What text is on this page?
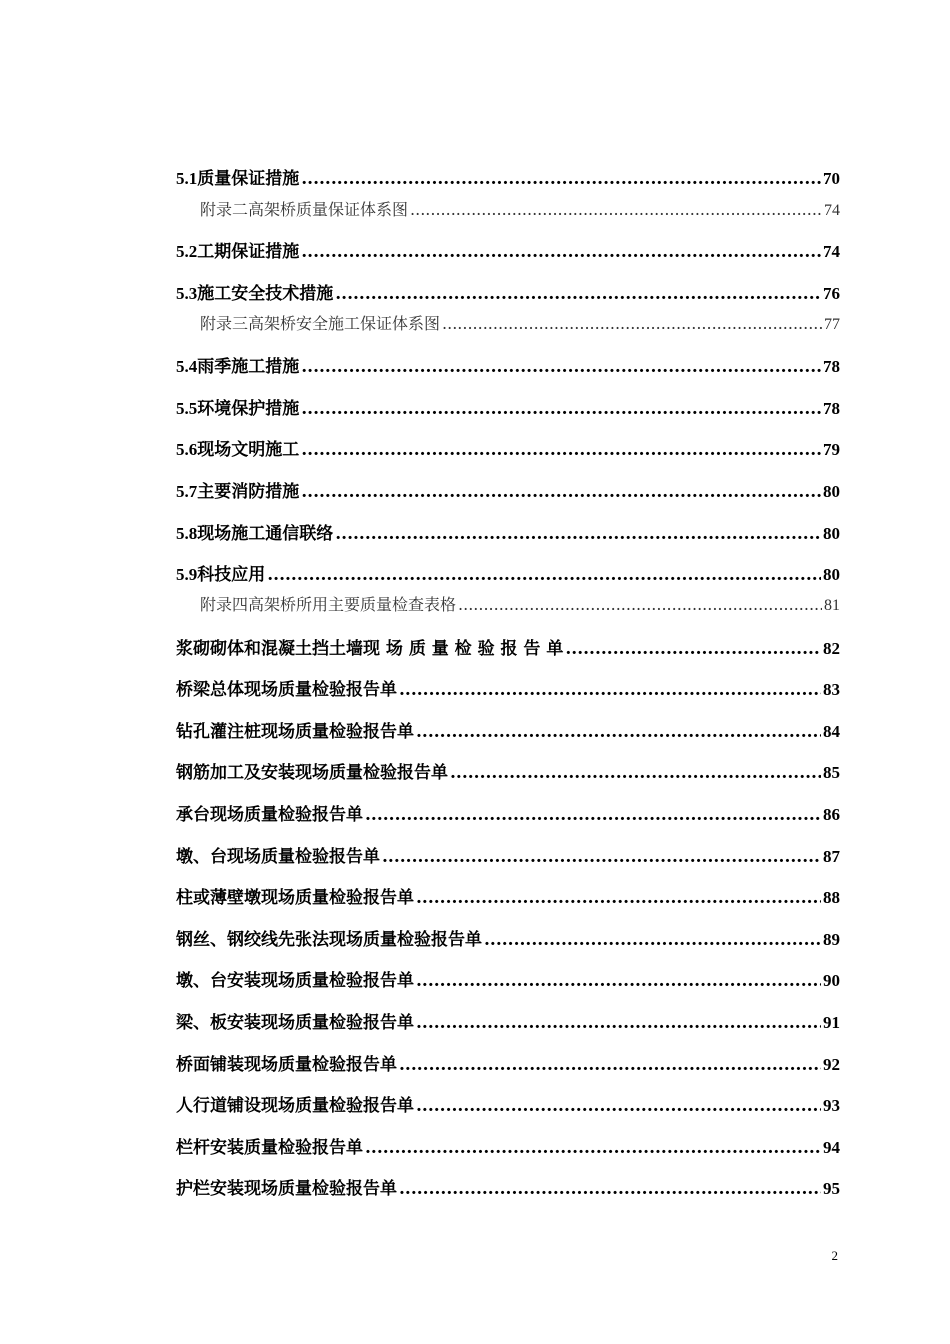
5.1 质量保证措施 .....	70
附录二 高架桥质量保证体系图 .....	74
5.2 工期保证措施 .....	74
5.3 施工安全技术措施 .....	76
附录三 高架桥安全施工保证体系图 .....	77
5.4 雨季施工措施 .....	78
5.5 环境保护措施 .....	78
5.6 现场文明施工 .....	79
5.7 主要消防措施 .....	80
5.8 现场施工通信联络 .....	80
5.9 科技应用 .....	80
附录四 高架桥所用主要质量检查表格 .....	81
浆砌砌体和混凝土挡土墙现 场 质 量 检 验 报 告 单 .....	82
桥梁总体现场质量检验报告单 .....	83
钻孔灌注桩现场质量检验报告单 .....	84
钢筋加工及安装现场质量检验报告单 .....	85
承台现场质量检验报告单 .....	86
墩、台现场质量检验报告单 .....	87
柱或薄壁墩现场质量检验报告单 .....	88
钢丝、钢绞线先张法现场质量检验报告单 .....	89
墩、台安装现场质量检验报告单 .....	90
梁、板安装现场质量检验报告单 .....	91
桥面铺装现场质量检验报告单 .....	92
人行道铺设现场质量检验报告单 .....	93
栏杆安装质量检验报告单 .....	94
护栏安装现场质量检验报告单 .....	95
2
